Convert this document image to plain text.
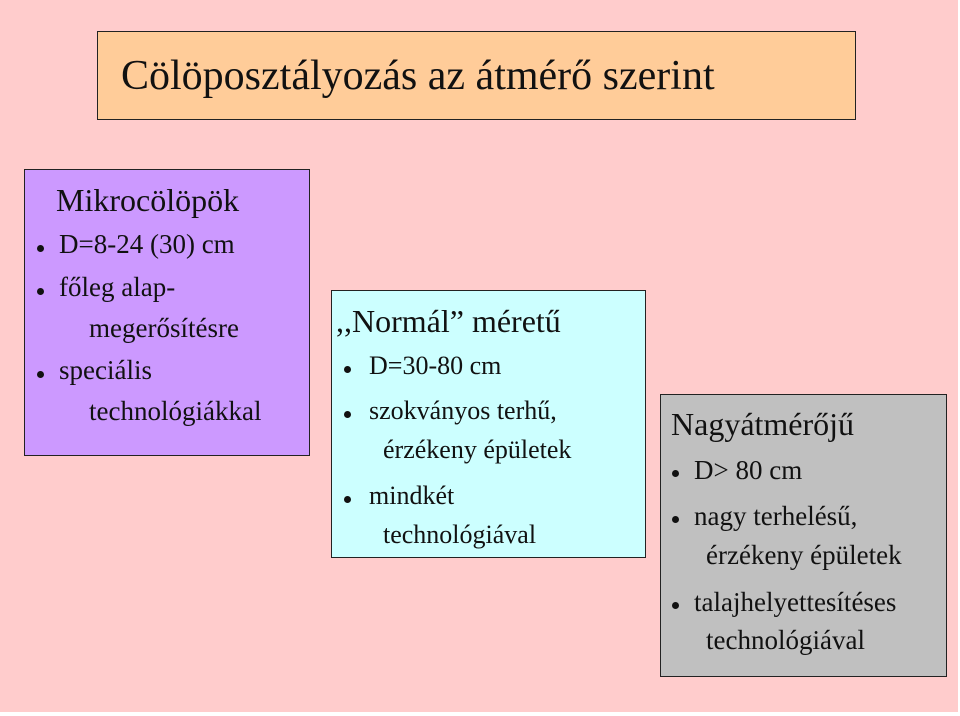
Cölöposztályozás az átmérő szerint
Mikrocölöpök
D=8-24 (30) cm
főleg alap-
megerősítésre
speciális
technológiákkal
,,Normál” méretű
D=30-80 cm
szokványos terhű,
érzékeny épületek
mindkét
technológiával
Nagyátmérőjű
D> 80 cm
nagy terhelésű,
érzékeny épületek
talajhelyettesítéses
technológiával
